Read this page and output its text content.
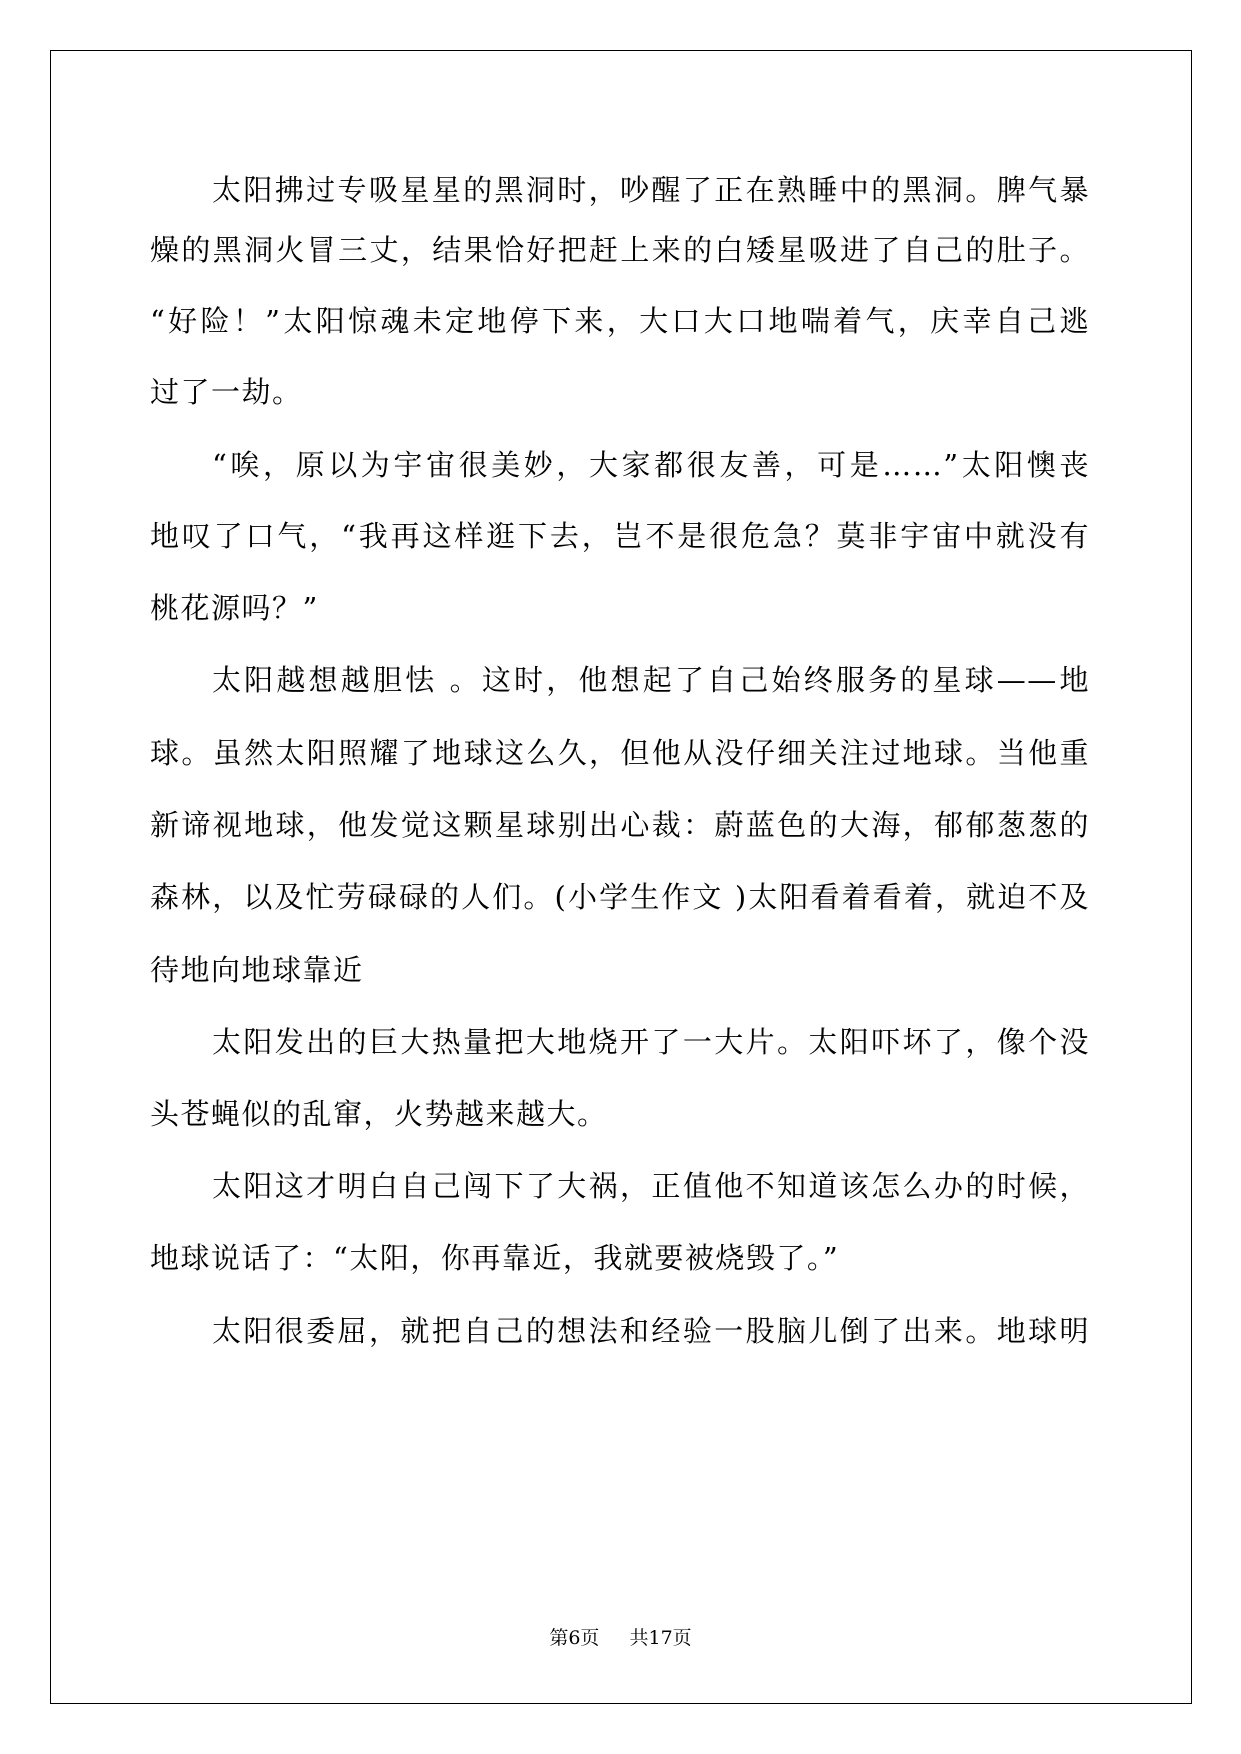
太阳拂过专吸星星的黑洞时，吵醒了正在熟睡中的黑洞。脾气暴
燥的黑洞火冒三丈，结果恰好把赶上来的白矮星吸进了自己的肚子。
“好险！”太阳惊魂未定地停下来，大口大口地喘着气，庆幸自己逃
过了一劫。
“唉，原以为宇宙很美妙，大家都很友善，可是……”太阳懊丧
地叹了口气，“我再这样逛下去，岂不是很危急？莫非宇宙中就没有
桃花源吗？”
太阳越想越胆怯 。这时，他想起了自己始终服务的星球——地
球。虽然太阳照耀了地球这么久，但他从没仔细关注过地球。当他重
新谛视地球，他发觉这颗星球别出心裁：蔚蓝色的大海，郁郁葱葱的
森林，以及忙劳碌碌的人们。(小学生作文 )太阳看着看着，就迫不及
待地向地球靠近
太阳发出的巨大热量把大地烧开了一大片。太阳吓坏了，像个没
头苍蝇似的乱窜，火势越来越大。
太阳这才明白自己闯下了大祸，正值他不知道该怎么办的时候，
地球说话了：“太阳，你再靠近，我就要被烧毁了。”
太阳很委屈，就把自己的想法和经验一股脑儿倒了出来。地球明
第6页 共17页
